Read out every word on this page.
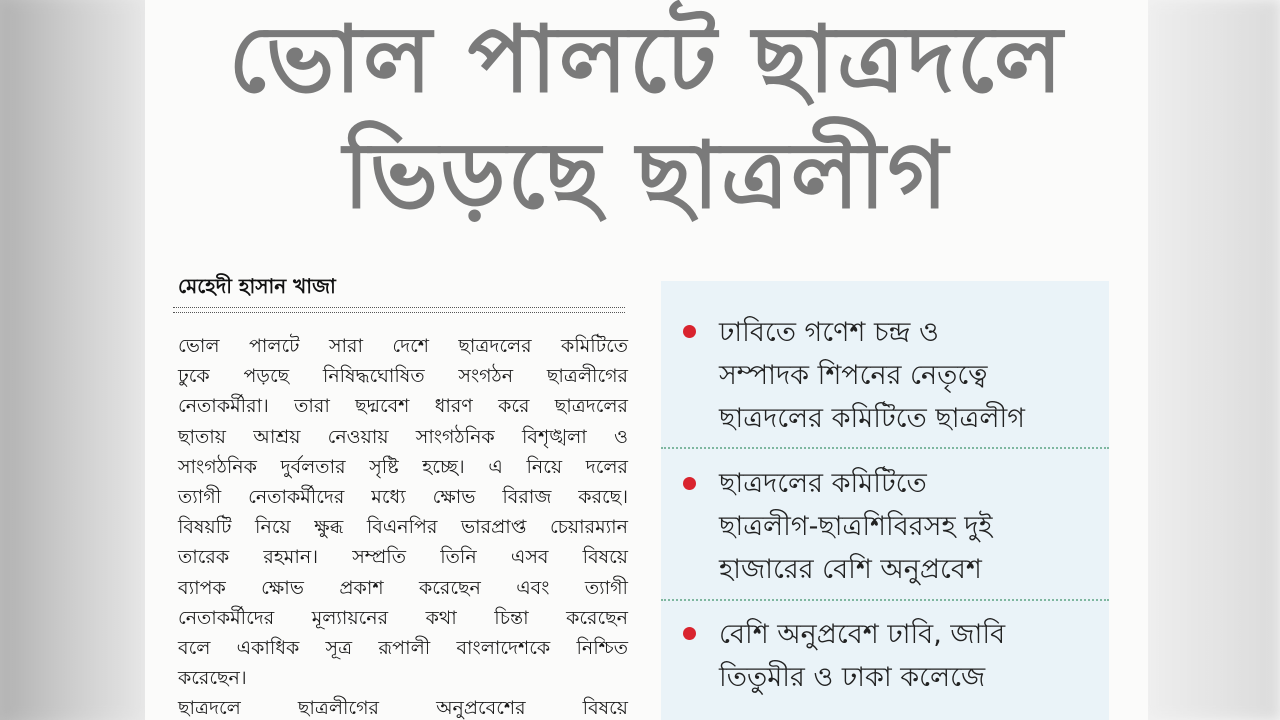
ভোল পালটে ছাত্রদলে
ভিড়ছে ছাত্রলীগ
মেহেদী হাসান খাজা
ভোল পালটে সারা দেশে ছাত্রদলের কমিটিতে
ঢুকে পড়ছে নিষিদ্ধঘোষিত সংগঠন ছাত্রলীগের
নেতাকর্মীরা। তারা ছদ্মবেশ ধারণ করে ছাত্রদলের
ছাতায় আশ্রয় নেওয়ায় সাংগঠনিক বিশৃঙ্খলা ও
সাংগঠনিক দুর্বলতার সৃষ্টি হচ্ছে। এ নিয়ে দলের
ত্যাগী নেতাকর্মীদের মধ্যে ক্ষোভ বিরাজ করছে।
বিষয়টি নিয়ে ক্ষুব্ধ বিএনপির ভারপ্রাপ্ত চেয়ারম্যান
তারেক রহমান। সম্প্রতি তিনি এসব বিষয়ে
ব্যাপক ক্ষোভ প্রকাশ করেছেন এবং ত্যাগী
নেতাকর্মীদের মূল্যায়নের কথা চিন্তা করেছেন
বলে একাধিক সূত্র রূপালী বাংলাদেশকে নিশ্চিত
করেছেন।
ছাত্রদলে ছাত্রলীগের অনুপ্রবেশের বিষয়ে
ঢাবিতে গণেশ চন্দ্র ও
সম্পাদক শিপনের নেতৃত্বে
ছাত্রদলের কমিটিতে ছাত্রলীগ
ছাত্রদলের কমিটিতে
ছাত্রলীগ-ছাত্রশিবিরসহ দুই
হাজারের বেশি অনুপ্রবেশ
বেশি অনুপ্রবেশ ঢাবি, জাবি
তিতুমীর ও ঢাকা কলেজে
